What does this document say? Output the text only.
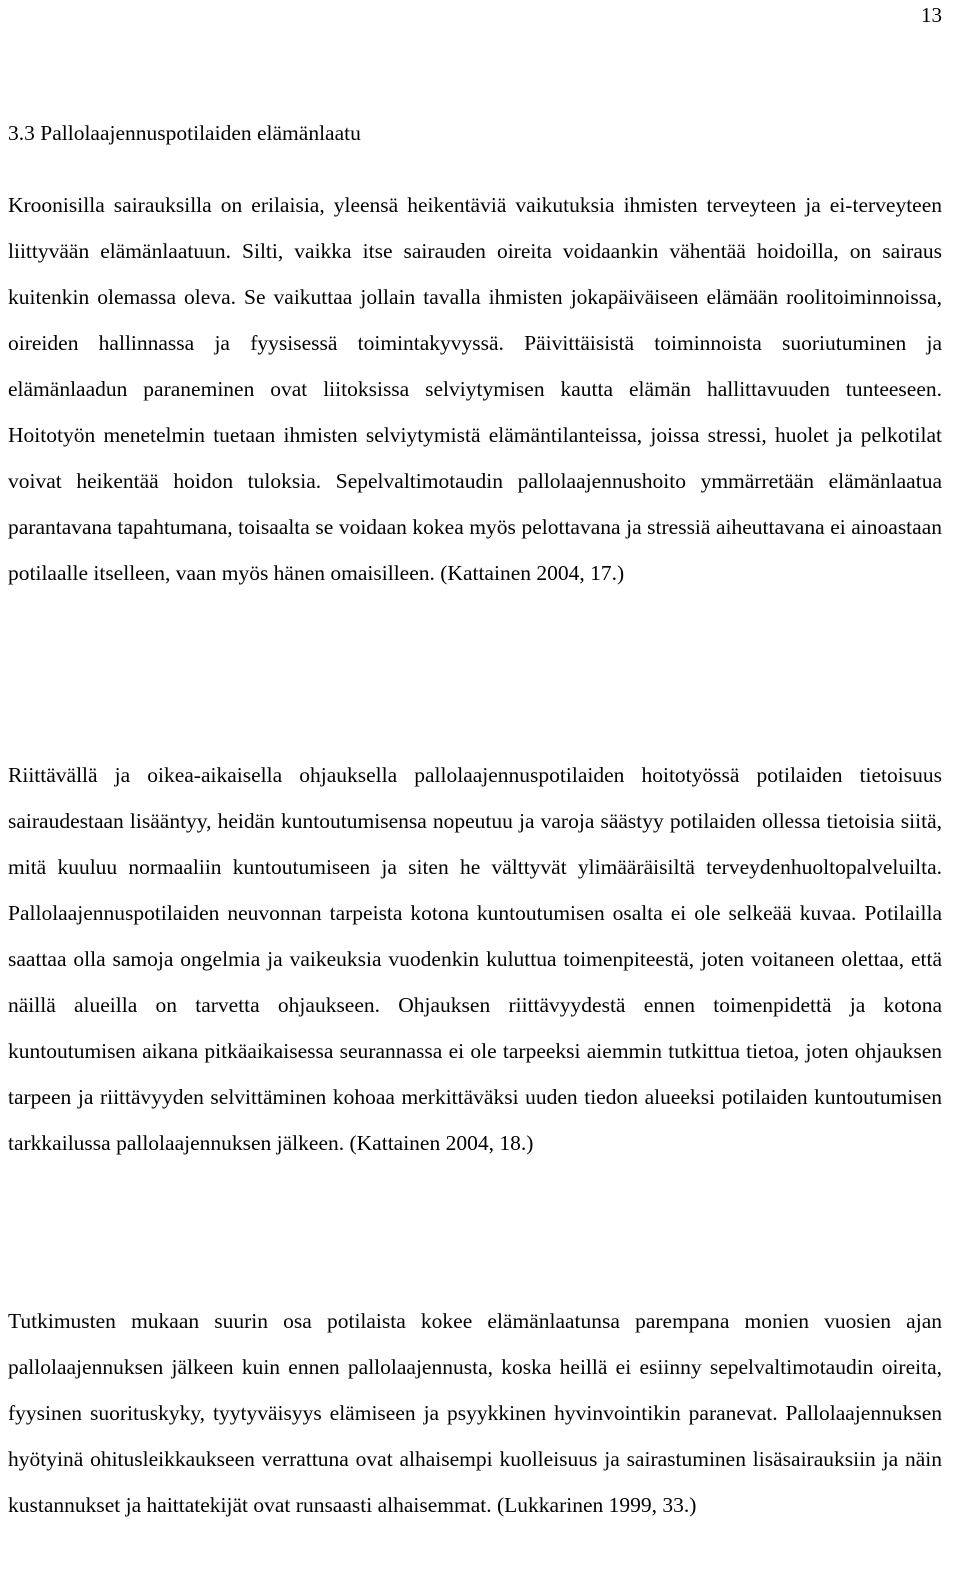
13
3.3 Pallolaajennuspotilaiden elämänlaatu

Kroonisilla sairauksilla on erilaisia, yleensä heikentäviä vaikutuksia ihmisten terveyteen ja ei-terveyteen liittyvään elämänlaatuun. Silti, vaikka itse sairauden oireita voidaankin vähentää hoidoilla, on sairaus kuitenkin olemassa oleva. Se vaikuttaa jollain tavalla ihmisten jokapäiväiseen elämään roolitoiminnoissa, oireiden hallinnassa ja fyysisessä toimintakyvyssä. Päivittäisistä toiminnoista suoriutuminen ja elämänlaadun paraneminen ovat liitoksissa selviytymisen kautta elämän hallittavuuden tunteeseen. Hoitotyön menetelmin tuetaan ihmisten selviytymistä elämäntilanteissa, joissa stressi, huolet ja pelkotilat voivat heikentää hoidon tuloksia. Sepelvaltimotaudin pallolaajennushoito ymmärretään elämänlaatua parantavana tapahtumana, toisaalta se voidaan kokea myös pelottavana ja stressiä aiheuttavana ei ainoastaan potilaalle itselleen, vaan myös hänen omaisilleen. (Kattainen 2004, 17.)

Riittävällä ja oikea-aikaisella ohjauksella pallolaajennuspotilaiden hoitotyössä potilaiden tietoisuus sairaudestaan lisääntyy, heidän kuntoutumisensa nopeutuu ja varoja säästyy potilaiden ollessa tietoisia siitä, mitä kuuluu normaaliin kuntoutumiseen ja siten he välttyvät ylimääräisiltä terveydenhuoltopalveluilta. Pallolaajennuspotilaiden neuvonnan tarpeista kotona kuntoutumisen osalta ei ole selkeää kuvaa. Potilailla saattaa olla samoja ongelmia ja vaikeuksia vuodenkin kuluttua toimenpiteestä, joten voitaneen olettaa, että näillä alueilla on tarvetta ohjaukseen. Ohjauksen riittävyydestä ennen toimenpidettä ja kotona kuntoutumisen aikana pitkäaikaisessa seurannassa ei ole tarpeeksi aiemmin tutkittua tietoa, joten ohjauksen tarpeen ja riittävyyden selvittäminen kohoaa merkittäväksi uuden tiedon alueeksi potilaiden kuntoutumisen tarkkailussa pallolaajennuksen jälkeen. (Kattainen 2004, 18.)

Tutkimusten mukaan suurin osa potilaista kokee elämänlaatunsa parempana monien vuosien ajan pallolaajennuksen jälkeen kuin ennen pallolaajennusta, koska heillä ei esiinny sepelvaltimotaudin oireita, fyysinen suorituskyky, tyytyväisyys elämiseen ja psyykkinen hyvinvointikin paranevat. Pallolaajennuksen hyötyinä ohitusleikkaukseen verrattuna ovat alhaisempi kuolleisuus ja sairastuminen lisäsairauksiin ja näin kustannukset ja haittatekijät ovat runsaasti alhaisemmat. (Lukkarinen 1999, 33.)
